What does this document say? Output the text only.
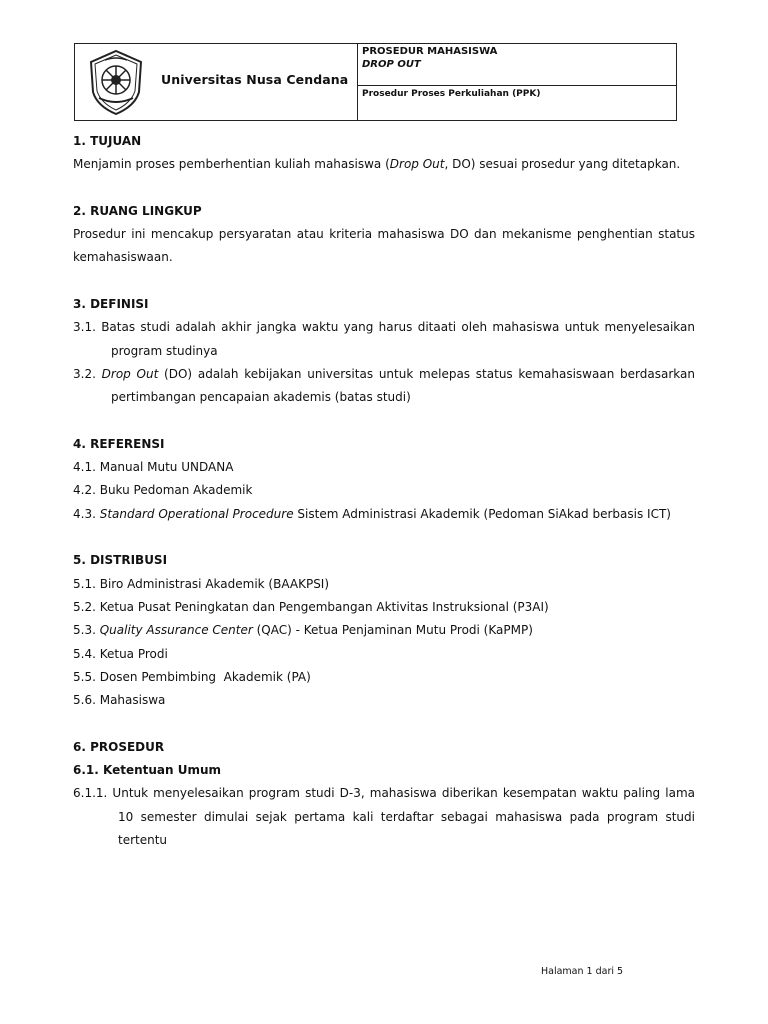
Universitas Nusa Cendana
PROSEDUR MAHASISWA
DROP OUT
Prosedur Proses Perkuliahan (PPK)

1. TUJUAN

Menjamin proses pemberhentian kuliah mahasiswa (Drop Out, DO) sesuai prosedur yang ditetapkan.

2. RUANG LINGKUP

Prosedur ini mencakup persyaratan atau kriteria mahasiswa DO dan mekanisme penghentian status kemahasiswaan.

3. DEFINISI

3.1. Batas studi adalah akhir jangka waktu yang harus ditaati oleh mahasiswa untuk menyelesaikan program studinya

3.2. Drop Out (DO) adalah kebijakan universitas untuk melepas status kemahasiswaan berdasarkan pertimbangan pencapaian akademis (batas studi)

4. REFERENSI

4.1. Manual Mutu UNDANA

4.2. Buku Pedoman Akademik

4.3. Standard Operational Procedure Sistem Administrasi Akademik (Pedoman SiAkad berbasis ICT)

5. DISTRIBUSI

5.1. Biro Administrasi Akademik (BAAKPSI)

5.2. Ketua Pusat Peningkatan dan Pengembangan Aktivitas Instruksional (P3AI)

5.3. Quality Assurance Center (QAC) - Ketua Penjaminan Mutu Prodi (KaPMP)

5.4. Ketua Prodi

5.5. Dosen Pembimbing  Akademik (PA)

5.6. Mahasiswa

6. PROSEDUR

6.1. Ketentuan Umum

6.1.1. Untuk menyelesaikan program studi D-3, mahasiswa diberikan kesempatan waktu paling lama 10 semester dimulai sejak pertama kali terdaftar sebagai mahasiswa pada program studi tertentu

Halaman 1 dari 5
